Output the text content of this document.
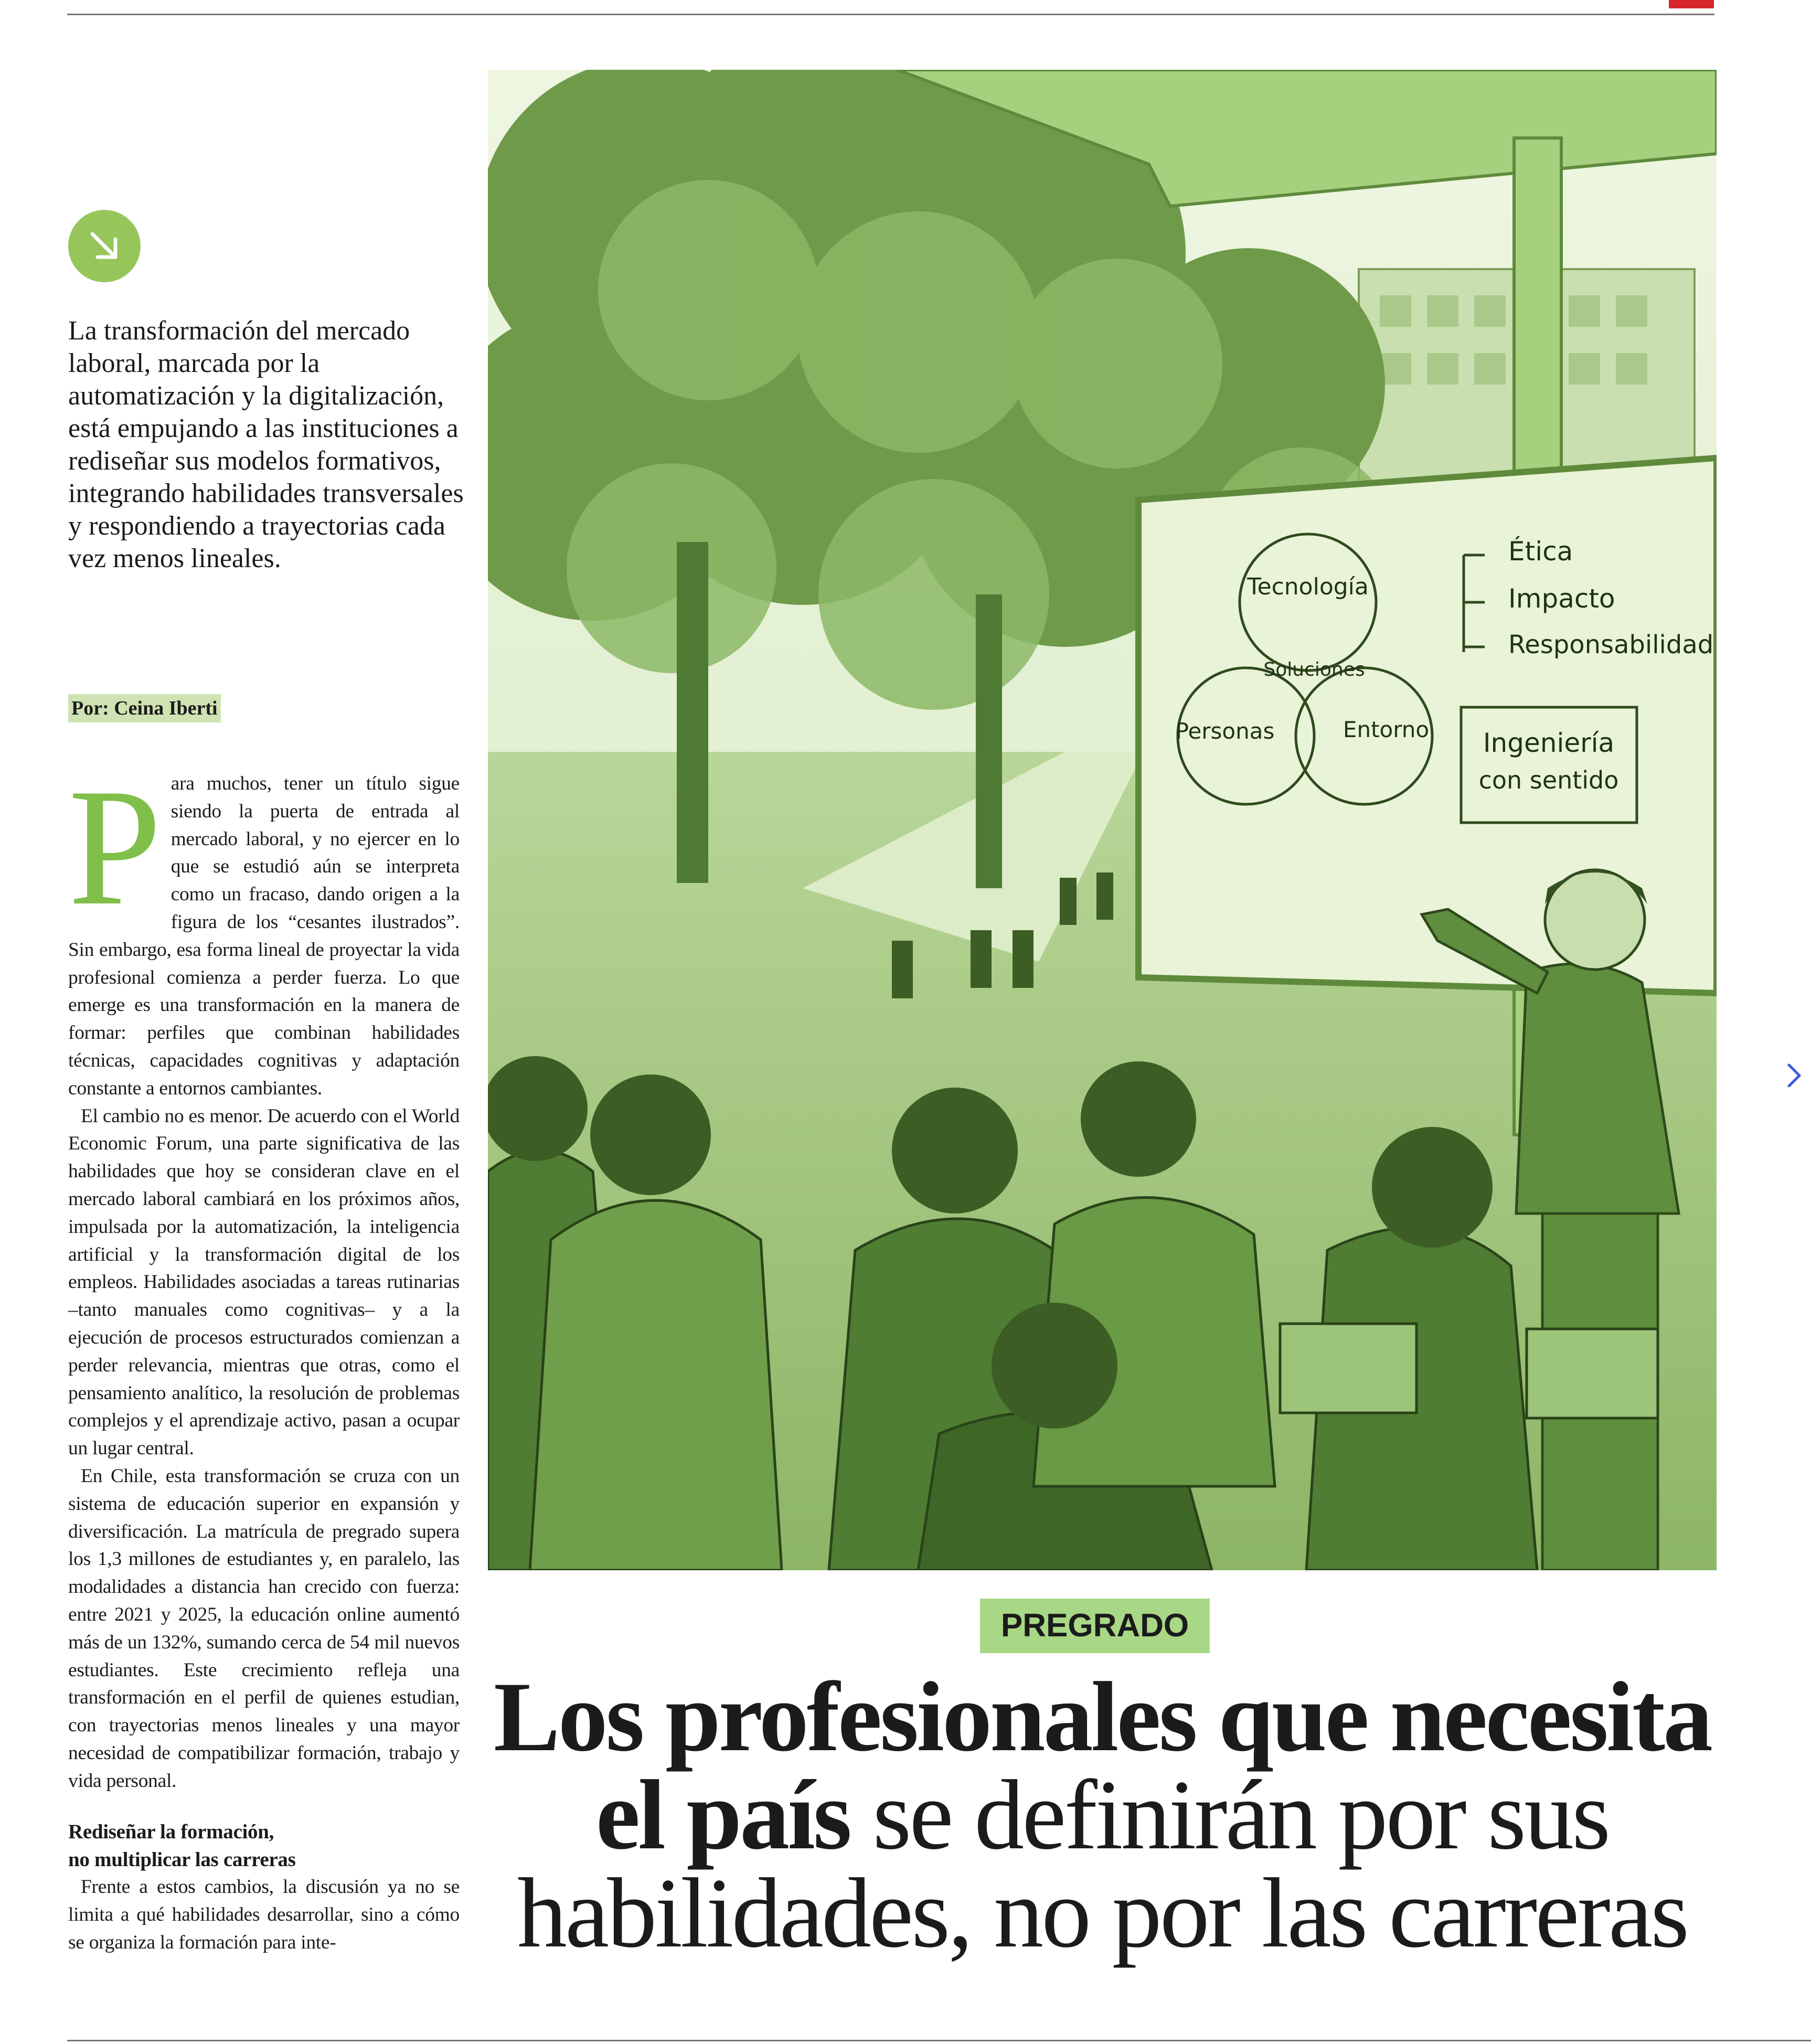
La transformación del mercado laboral, marcada por la automatización y la digitalización, está empujando a las instituciones a rediseñar sus modelos formativos, integrando habilidades transversales y respondiendo a trayectorias cada vez menos lineales.

Por: Ceina Iberti

Para muchos, tener un título sigue siendo la puerta de entrada al mercado laboral, y no ejercer en lo que se estudió aún se interpreta como un fracaso, dando origen a la figura de los “cesantes ilustrados”. Sin embargo, esa forma lineal de proyectar la vida profesional comienza a perder fuerza. Lo que emerge es una transformación en la manera de formar: perfiles que combinan habilidades técnicas, capacidades cognitivas y adaptación constante a entornos cambiantes.

El cambio no es menor. De acuerdo con el World Economic Forum, una parte significativa de las habilidades que hoy se consideran clave en el mercado laboral cambiará en los próximos años, impulsada por la automatización, la inteligencia artificial y la transformación digital de los empleos. Habilidades asociadas a tareas rutinarias –tanto manuales como cognitivas– y a la ejecución de procesos estructurados comienzan a perder relevancia, mientras que otras, como el pensamiento analítico, la resolución de problemas complejos y el aprendizaje activo, pasan a ocupar un lugar central.

En Chile, esta transformación se cruza con un sistema de educación superior en expansión y diversificación. La matrícula de pregrado supera los 1,3 millones de estudiantes y, en paralelo, las modalidades a distancia han crecido con fuerza: entre 2021 y 2025, la educación online aumentó más de un 132%, sumando cerca de 54 mil nuevos estudiantes. Este crecimiento refleja una transformación en el perfil de quienes estudian, con trayectorias menos lineales y una mayor necesidad de compatibilizar formación, trabajo y vida personal.

Rediseñar la formación,
no multiplicar las carreras

Frente a estos cambios, la discusión ya no se limita a qué habilidades desarrollar, sino a cómo se organiza la formación para inte-

Tecnología
Soluciones
Personas	Entorno
Ética
Impacto
Responsabilidad
Ingeniería
con sentido
PREGRADO
Los profesionales que necesita
el país se definirán por sus
habilidades, no por las carreras
